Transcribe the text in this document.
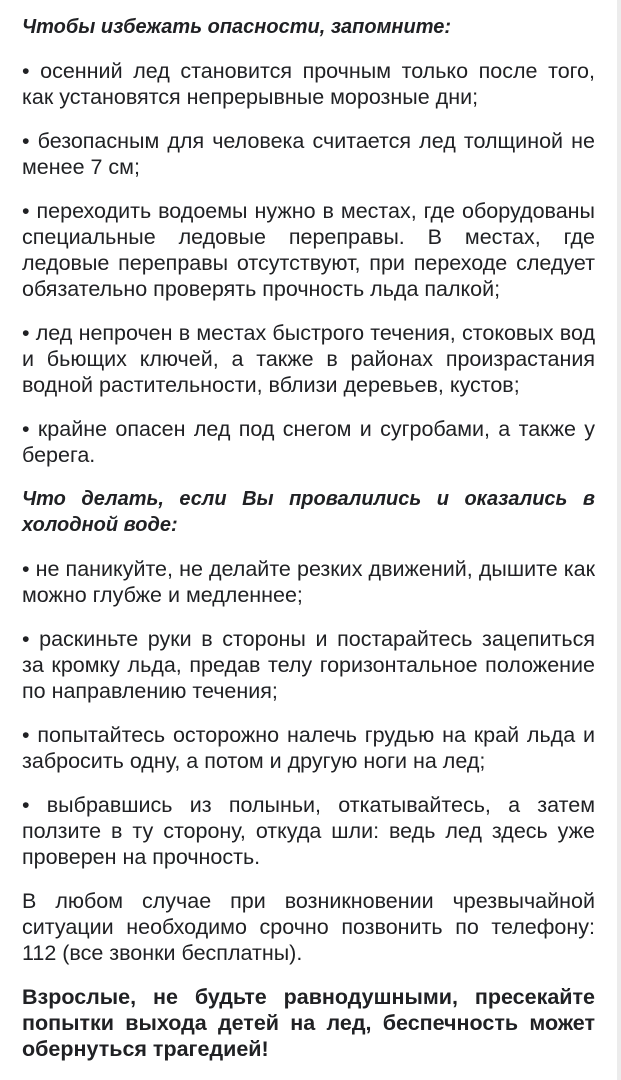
Чтобы избежать опасности, запомните:

• осенний лед становится прочным только после того, как установятся непрерывные морозные дни;

• безопасным для человека считается лед толщиной не менее 7 см;

• переходить водоемы нужно в местах, где оборудованы специальные ледовые переправы. В местах, где ледовые переправы отсутствуют, при переходе следует обязательно проверять прочность льда палкой;

• лед непрочен в местах быстрого течения, стоковых вод и бьющих ключей, а также в районах произрастания водной растительности, вблизи деревьев, кустов;

• крайне опасен лед под снегом и сугробами, а также у берега.

Что делать, если Вы провалились и оказались в холодной воде:

• не паникуйте, не делайте резких движений, дышите как можно глубже и медленнее;

• раскиньте руки в стороны и постарайтесь зацепиться за кромку льда, предав телу горизонтальное положение по направлению течения;

• попытайтесь осторожно налечь грудью на край льда и забросить одну, а потом и другую ноги на лед;

• выбравшись из полыньи, откатывайтесь, а затем ползите в ту сторону, откуда шли: ведь лед здесь уже проверен на прочность.

В любом случае при возникновении чрезвычайной ситуации необходимо срочно позвонить по телефону: 112 (все звонки бесплатны).

Взрослые, не будьте равнодушными, пресекайте попытки выхода детей на лед, беспечность может обернуться трагедией!
